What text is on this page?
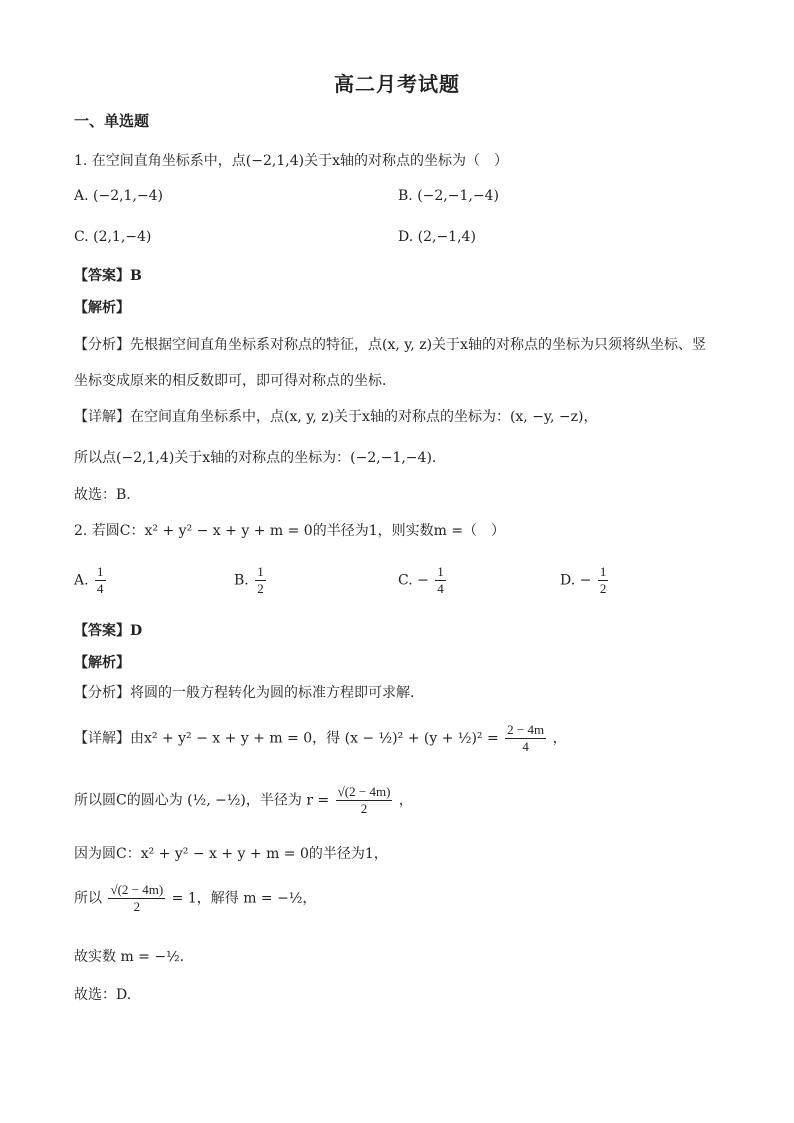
高二月考试题
一、单选题
1. 在空间直角坐标系中，点(−2,1,4)关于x轴的对称点的坐标为（　）
A. (−2,1,−4)	B. (−2,−1,−4)
C. (2,1,−4)	D. (2,−1,4)
【答案】B
【解析】
【分析】先根据空间直角坐标系对称点的特征，点(x, y, z)关于x轴的对称点的坐标为只须将纵坐标、竖
坐标变成原来的相反数即可，即可得对称点的坐标.
【详解】在空间直角坐标系中，点(x, y, z)关于x轴的对称点的坐标为：(x, −y, −z)，
所以点(−2,1,4)关于x轴的对称点的坐标为：(−2,−1,−4).
故选：B.
2. 若圆C：x² + y² − x + y + m = 0的半径为1，则实数m =（　）
A. $\frac{1}{4}$	B. $\frac{1}{2}$	C. − $\frac{1}{4}$	D. − $\frac{1}{2}$
【答案】D
【解析】
【分析】将圆的一般方程转化为圆的标准方程即可求解.
【详解】由x² + y² − x + y + m = 0，得 (x − ½)² + (y + ½)² = $\frac{2 - 4m}{4}$ ，
所以圆C的圆心为 (½, −½)，半径为 $r = \frac{√(2 - 4m)}{2}$ ，
因为圆C：x² + y² − x + y + m = 0的半径为1，
所以 $\frac{√(2 - 4m)}{2} = 1$，解得 m = −½，
故实数 m = −½.
故选：D.
